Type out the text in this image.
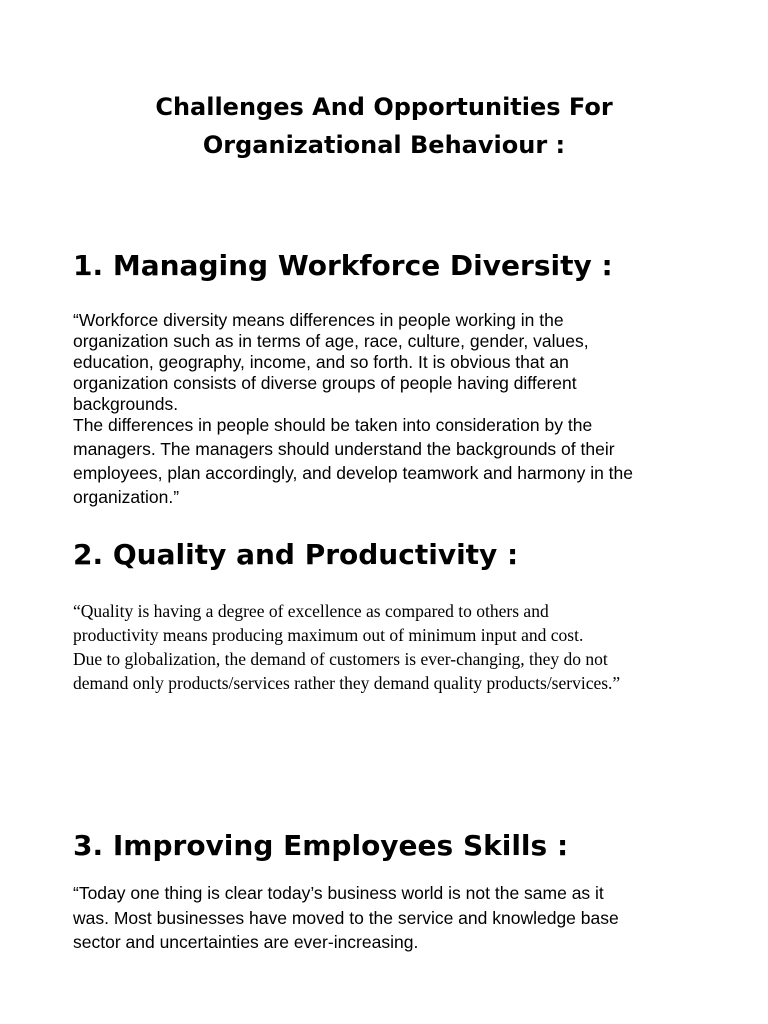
Challenges And Opportunities For
Organizational Behaviour :
1. Managing Workforce Diversity :
“Workforce diversity means differences in people working in the
organization such as in terms of age, race, culture, gender, values,
education, geography, income, and so forth. It is obvious that an
organization consists of diverse groups of people having different
backgrounds.
The differences in people should be taken into consideration by the
managers. The managers should understand the backgrounds of their
employees, plan accordingly, and develop teamwork and harmony in the
organization.”
2. Quality and Productivity :
“Quality is having a degree of excellence as compared to others and
productivity means producing maximum out of minimum input and cost.
Due to globalization, the demand of customers is ever-changing, they do not
demand only products/services rather they demand quality products/services.”
3. Improving Employees Skills :
“Today one thing is clear today’s business world is not the same as it
was. Most businesses have moved to the service and knowledge base
sector and uncertainties are ever-increasing.
